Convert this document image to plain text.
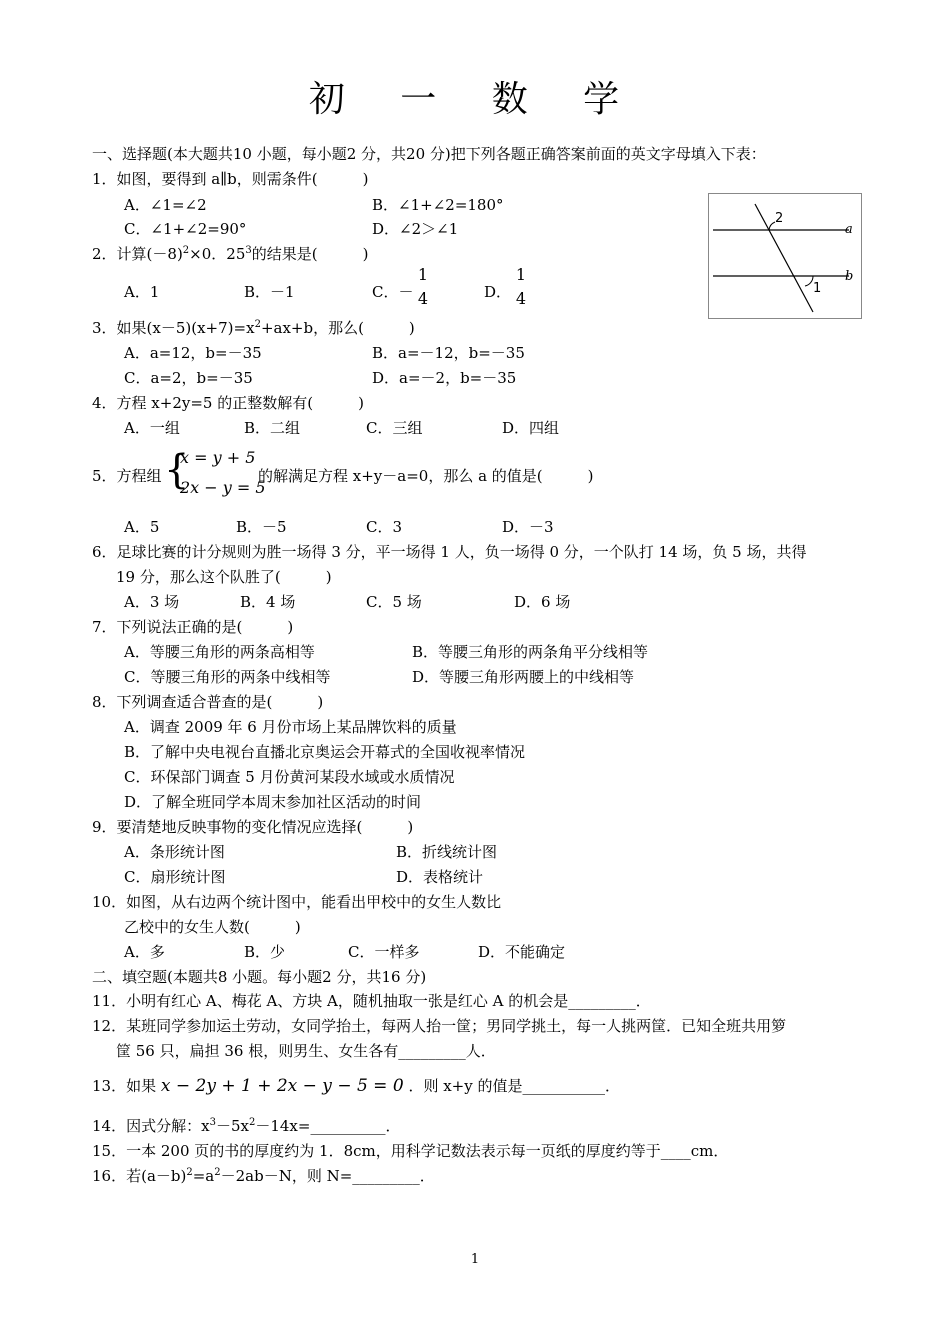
初 一 数 学
一、选择题(本大题共10 小题，每小题2 分，共20 分)把下列各题正确答案前面的英文字母填入下表：
1．如图，要得到 a∥b，则需条件(　　　)
A．∠1=∠2	B．∠1+∠2=180°
C．∠1+∠2=90°	D．∠2＞∠1
2
1
a
b
2．计算$(-8)^2\times 0$．$25^3$的结果是(　　　)
A．1	B．－1	C．－
1
4	D．
1
4
3．如果$(x-5)(x+7)=x^2+ax+b$，那么(　　　)
A．a=12，b=－35	B．a=－12，b=－35
C．a=2，b=－35	D．a=－2，b=－35
4．方程 x+2y=5 的正整数解有(　　　)
A．一组	B．二组	C．三组	D．四组
5．方程组 {
x = y + 5
2x − y = 5
的解满足方程 x+y－a=0，那么 a 的值是(　　　)
A．5	B．－5	C．3	D．－3
6．足球比赛的计分规则为胜一场得 3 分，平一场得 1 人，负一场得 0 分，一个队打 14 场，负 5 场，共得
19 分，那么这个队胜了(　　　)
A．3 场	B．4 场	C．5 场	D．6 场
7．下列说法正确的是(　　　)
A．等腰三角形的两条高相等	B．等腰三角形的两条角平分线相等
C．等腰三角形的两条中线相等	D．等腰三角形两腰上的中线相等
8．下列调查适合普查的是(　　　)
A．调查 2009 年 6 月份市场上某品牌饮料的质量
B．了解中央电视台直播北京奥运会开幕式的全国收视率情况
C．环保部门调查 5 月份黄河某段水域或水质情况
D．了解全班同学本周末参加社区活动的时间
9．要清楚地反映事物的变化情况应选择(　　　)
A．条形统计图	B．折线统计图
C．扇形统计图	D．表格统计
10．如图，从右边两个统计图中，能看出甲校中的女生人数比
乙校中的女生人数(　　　)
A．多	B．少	C．一样多	D．不能确定
二、填空题(本题共8 小题。每小题2 分，共16 分)
11．小明有红心 A、梅花 A、方块 A，随机抽取一张是红心 A 的机会是_________．
12．某班同学参加运土劳动，女同学抬土，每两人抬一筐；男同学挑土，每一人挑两筐．已知全班共用箩
筐 56 只，扁担 36 根，则男生、女生各有_________人．
13．如果 x − 2y + 1 + 2x − y − 5 = 0 ．则 x+y 的值是___________．
14．因式分解：$x^3-5x^2-14x=\_\_\_\_\_\_\_\_\_\_$．
15．一本 200 页的书的厚度约为 1．8cm，用科学记数法表示每一页纸的厚度约等于____cm．
16．若$(a-b)^2=a^2-2ab-N$，则 N=_________．
1
